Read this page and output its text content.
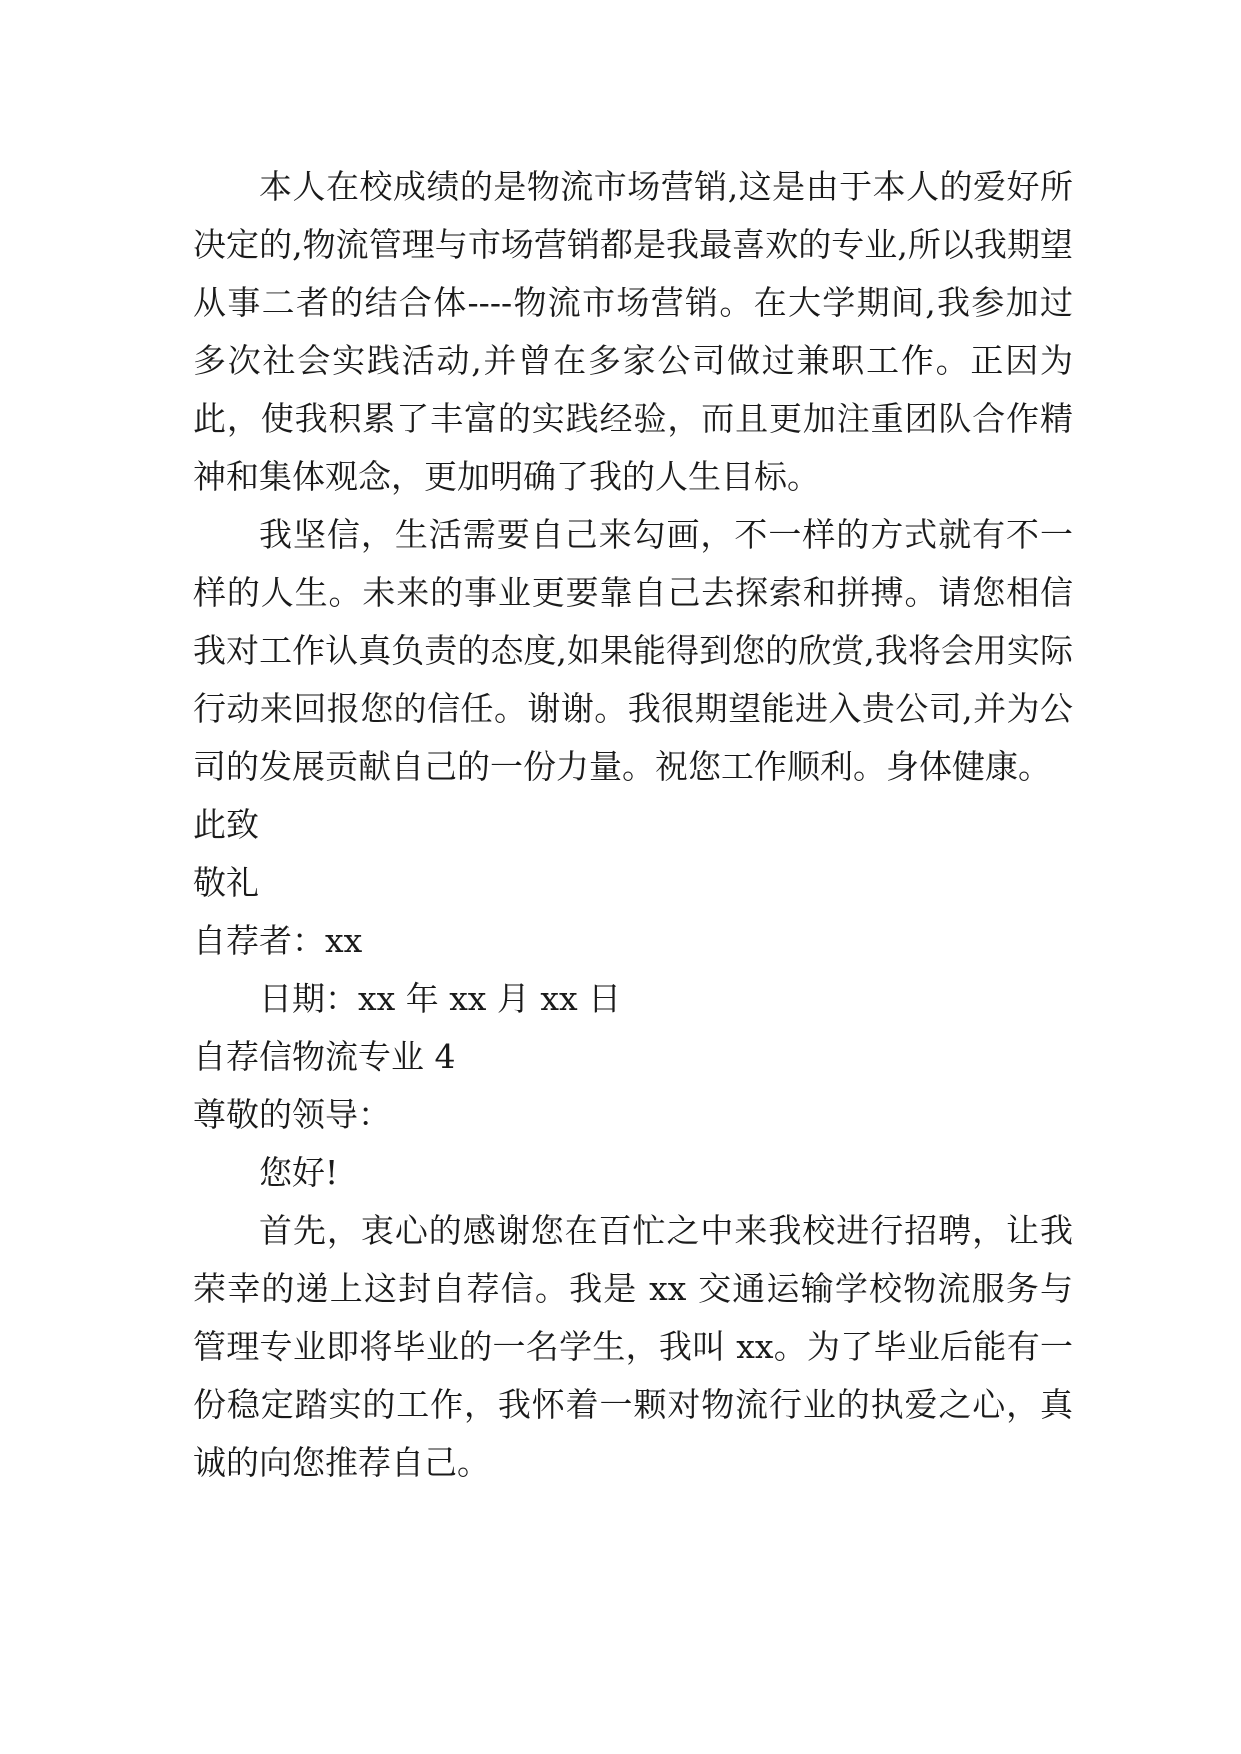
本人在校成绩的是物流市场营销,这是由于本人的爱好所决定的,物流管理与市场营销都是我最喜欢的专业,所以我期望从事二者的结合体----物流市场营销。在大学期间,我参加过多次社会实践活动,并曾在多家公司做过兼职工作。正因为此，使我积累了丰富的实践经验，而且更加注重团队合作精神和集体观念，更加明确了我的人生目标。

我坚信，生活需要自己来勾画，不一样的方式就有不一样的人生。未来的事业更要靠自己去探索和拼搏。请您相信我对工作认真负责的态度,如果能得到您的欣赏,我将会用实际行动来回报您的信任。谢谢。我很期望能进入贵公司,并为公司的发展贡献自己的一份力量。祝您工作顺利。身体健康。

此致

敬礼

自荐者：xx

日期：xx 年 xx 月 xx 日

自荐信物流专业 4

尊敬的领导：

您好!

首先，衷心的感谢您在百忙之中来我校进行招聘，让我荣幸的递上这封自荐信。我是 xx 交通运输学校物流服务与管理专业即将毕业的一名学生，我叫 xx。为了毕业后能有一份稳定踏实的工作，我怀着一颗对物流行业的执爱之心，真诚的向您推荐自己。
